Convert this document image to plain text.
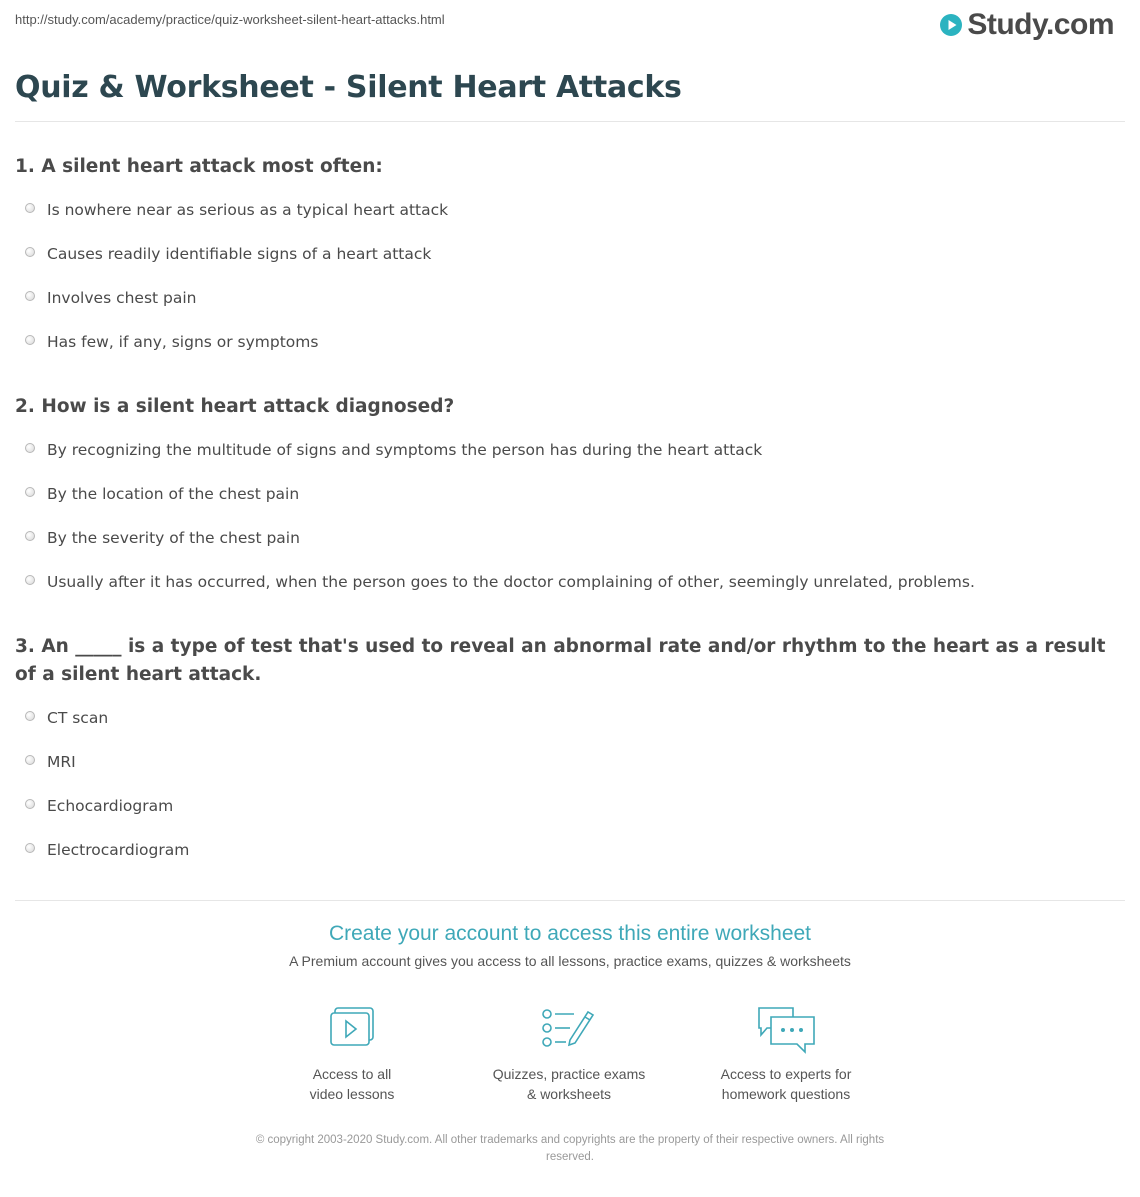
http://study.com/academy/practice/quiz-worksheet-silent-heart-attacks.html	Study.com
Quiz & Worksheet - Silent Heart Attacks

1. A silent heart attack most often:

Is nowhere near as serious as a typical heart attack
Causes readily identifiable signs of a heart attack
Involves chest pain
Has few, if any, signs or symptoms

2. How is a silent heart attack diagnosed?

By recognizing the multitude of signs and symptoms the person has during the heart attack
By the location of the chest pain
By the severity of the chest pain
Usually after it has occurred, when the person goes to the doctor complaining of other, seemingly unrelated, problems.

3. An _____ is a type of test that's used to reveal an abnormal rate and/or rhythm to the heart as a result of a silent heart attack.

CT scan
MRI
Echocardiogram
Electrocardiogram
Create your account to access this entire worksheet

A Premium account gives you access to all lessons, practice exams, quizzes & worksheets

Access to all
video lessons
Quizzes, practice exams
& worksheets
Access to experts for
homework questions
© copyright 2003-2020 Study.com. All other trademarks and copyrights are the property of their respective owners. All rights
reserved.
